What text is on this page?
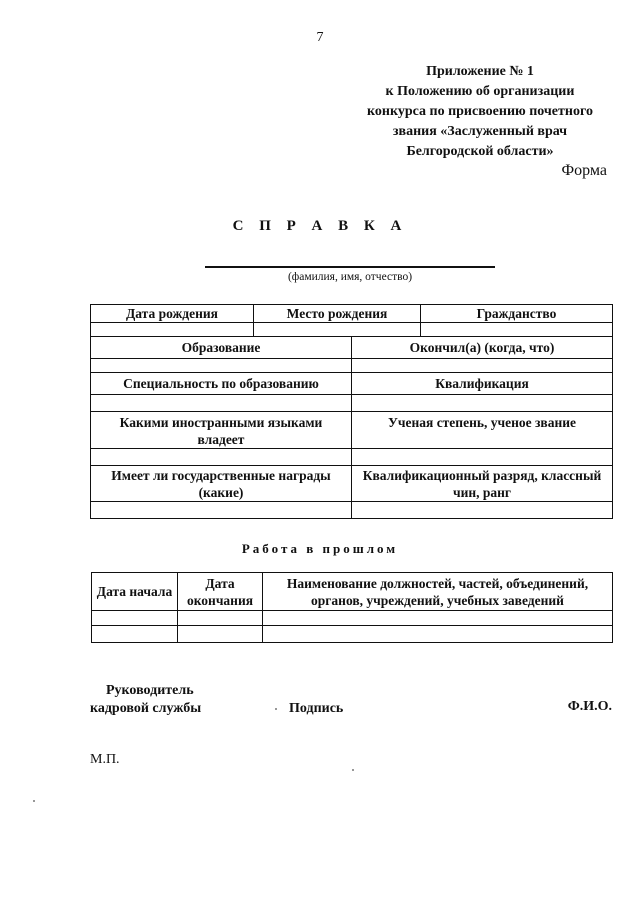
7
Приложение № 1
к Положению об организации
конкурса по присвоению почетного
звания «Заслуженный врач
Белгородской области»
Форма
С П Р А В К А
(фамилия, имя, отчество)
Дата рождения	Место рождения		Гражданство

Образование		Окончил(а) (когда, что)	

Специальность по образованию		Квалификация	

Какими иностранными языками владеет		Ученая степень, ученое звание	

Имеет ли государственные награды (какие)		Квалификационный разряд, классный чин, ранг	

Работа в прошлом
Дата начала	Дата окончания	Наименование должностей, частей, объединений, органов, учреждений, учебных заведений

Руководитель
кадровой службы	Подпись	Ф.И.О.
М.П.
